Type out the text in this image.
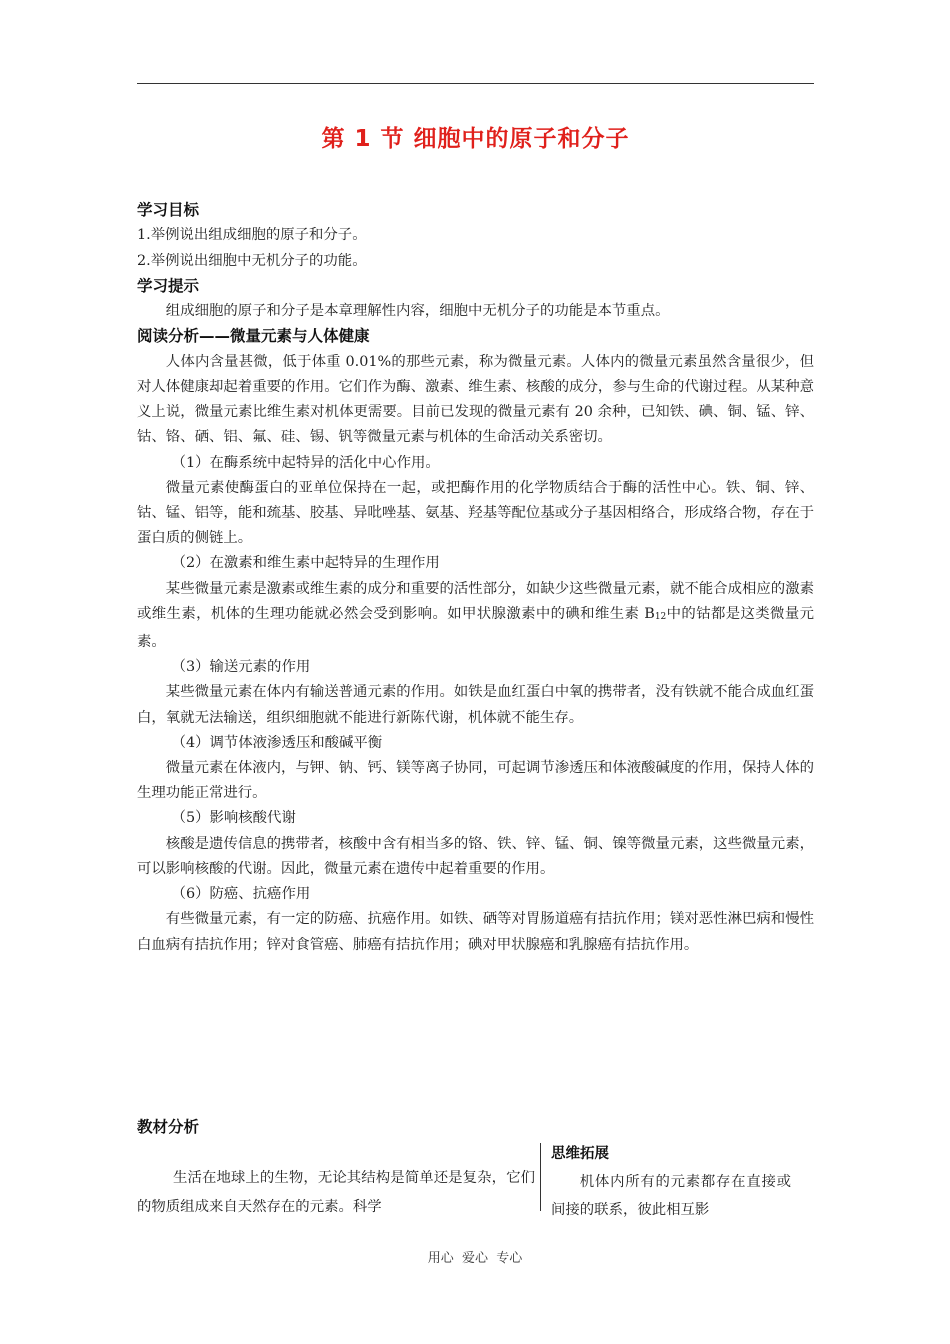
第 1 节 细胞中的原子和分子
学习目标

1.举例说出组成细胞的原子和分子。

2.举例说出细胞中无机分子的功能。

学习提示

组成细胞的原子和分子是本章理解性内容，细胞中无机分子的功能是本节重点。

阅读分析——微量元素与人体健康

人体内含量甚微，低于体重 0.01%的那些元素，称为微量元素。人体内的微量元素虽然含量很少，但对人体健康却起着重要的作用。它们作为酶、激素、维生素、核酸的成分，参与生命的代谢过程。从某种意义上说，微量元素比维生素对机体更需要。目前已发现的微量元素有 20 余种，已知铁、碘、铜、锰、锌、钴、铬、硒、铝、氟、硅、锡、钒等微量元素与机体的生命活动关系密切。

（1）在酶系统中起特异的活化中心作用。

微量元素使酶蛋白的亚单位保持在一起，或把酶作用的化学物质结合于酶的活性中心。铁、铜、锌、钴、锰、铝等，能和巯基、胶基、异吡唑基、氨基、羟基等配位基或分子基因相络合，形成络合物，存在于蛋白质的侧链上。

（2）在激素和维生素中起特异的生理作用

某些微量元素是激素或维生素的成分和重要的活性部分，如缺少这些微量元素，就不能合成相应的激素或维生素，机体的生理功能就必然会受到影响。如甲状腺激素中的碘和维生素 B12中的钴都是这类微量元素。

（3）输送元素的作用

某些微量元素在体内有输送普通元素的作用。如铁是血红蛋白中氧的携带者，没有铁就不能合成血红蛋白，氧就无法输送，组织细胞就不能进行新陈代谢，机体就不能生存。

（4）调节体液渗透压和酸碱平衡

微量元素在体液内，与钾、钠、钙、镁等离子协同，可起调节渗透压和体液酸碱度的作用，保持人体的生理功能正常进行。

（5）影响核酸代谢

核酸是遗传信息的携带者，核酸中含有相当多的铬、铁、锌、锰、铜、镍等微量元素，这些微量元素，可以影响核酸的代谢。因此，微量元素在遗传中起着重要的作用。

（6）防癌、抗癌作用

有些微量元素，有一定的防癌、抗癌作用。如铁、硒等对胃肠道癌有拮抗作用；镁对恶性淋巴病和慢性白血病有拮抗作用；锌对食管癌、肺癌有拮抗作用；碘对甲状腺癌和乳腺癌有拮抗作用。

教材分析

生活在地球上的生物，无论其结构是简单还是复杂，它们的物质组成来自天然存在的元素。科学

思维拓展

机体内所有的元素都存在直接或间接的联系，彼此相互影

用心  爱心  专心
